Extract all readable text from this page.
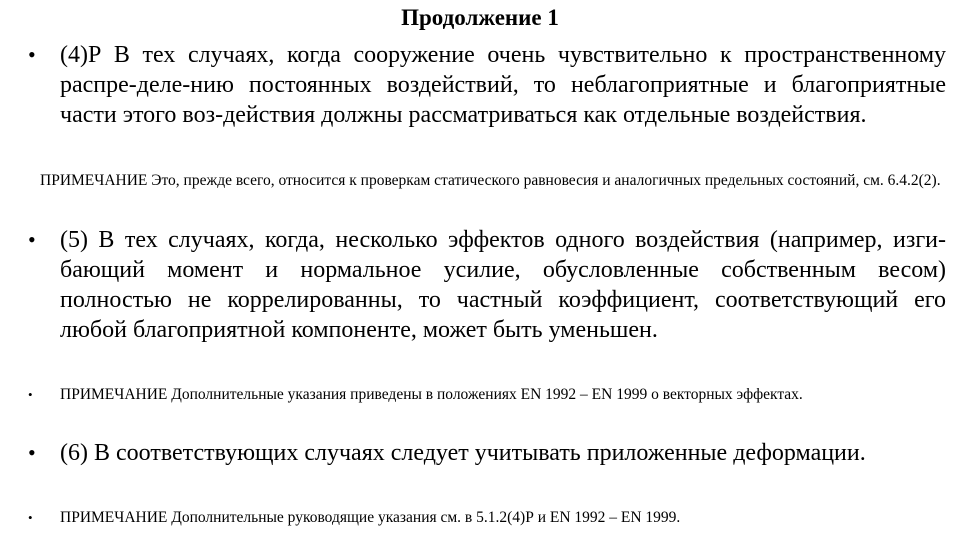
Продолжение 1
• (4)Р В тех случаях, когда сооружение очень чувствительно к пространственному распре-деле-нию постоянных воздействий, то неблагоприятные и благоприятные части этого воз-действия должны рассматриваться как отдельные воздействия.
ПРИМЕЧАНИЕ Это, прежде всего, относится к проверкам статического равновесия и аналогичных предельных состояний, см. 6.4.2(2).
• (5) В тех случаях, когда, несколько эффектов одного воздействия (например, изги-бающий момент и нормальное усилие, обусловленные собственным весом) полностью не коррелированны, то частный коэффициент, соответствующий его любой благоприятной компоненте, может быть уменьшен.
• ПРИМЕЧАНИЕ Дополнительные указания приведены в положениях EN 1992 – EN 1999 о векторных эффектах.
• (6) В соответствующих случаях следует учитывать приложенные деформации.
• ПРИМЕЧАНИЕ Дополнительные руководящие указания см. в 5.1.2(4)Р и EN 1992 – EN 1999.
